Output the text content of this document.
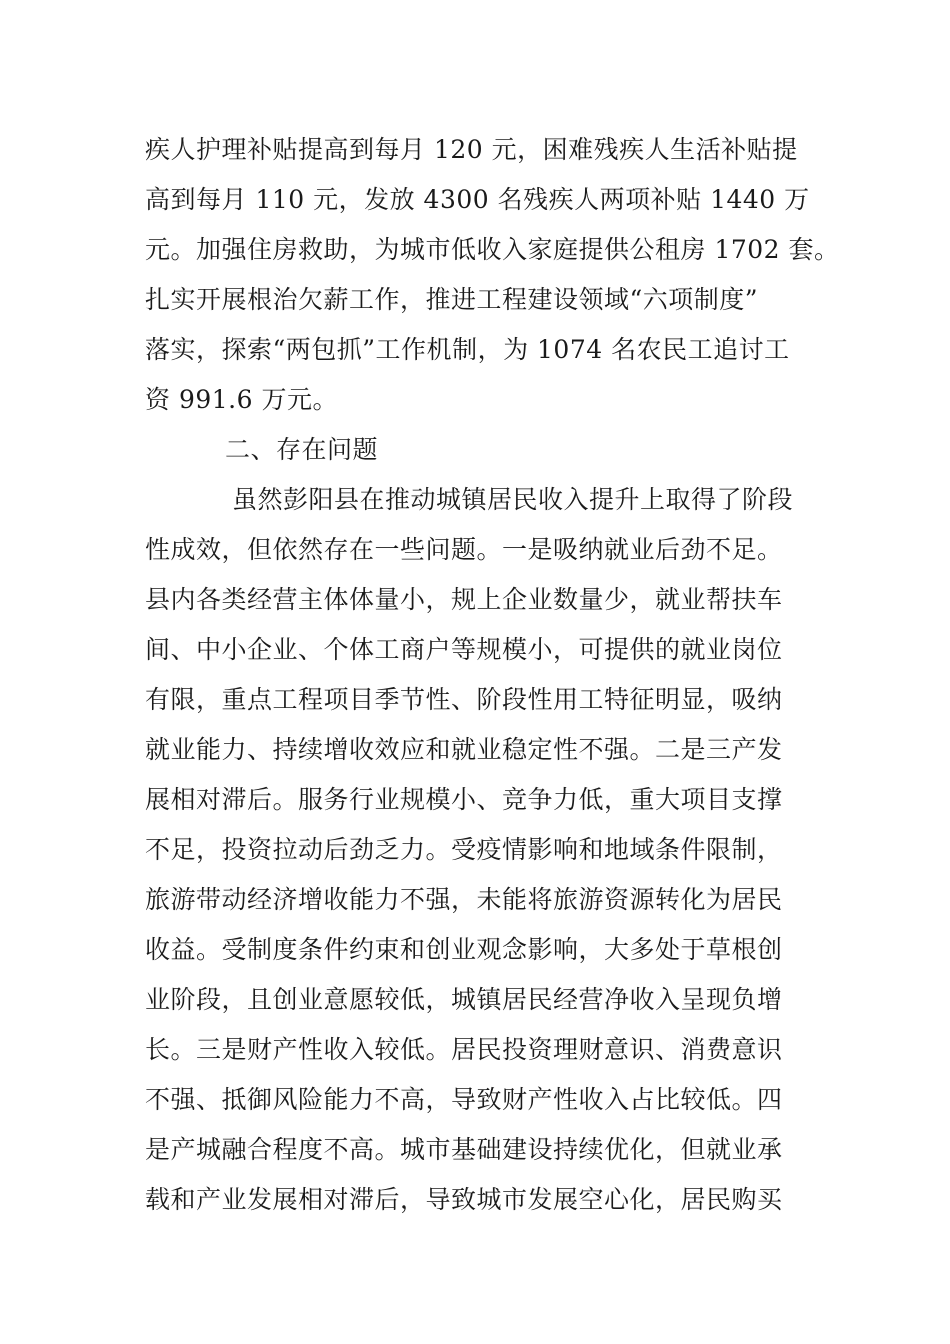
疾人护理补贴提高到每月 120 元，困难残疾人生活补贴提
高到每月 110 元，发放 4300 名残疾人两项补贴 1440 万
元。加强住房救助，为城市低收入家庭提供公租房 1702 套。
扎实开展根治欠薪工作，推进工程建设领域“六项制度”
落实，探索“两包抓”工作机制，为 1074 名农民工追讨工
资 991.6 万元。
二、存在问题
虽然彭阳县在推动城镇居民收入提升上取得了阶段
性成效，但依然存在一些问题。一是吸纳就业后劲不足。
县内各类经营主体体量小，规上企业数量少，就业帮扶车
间、中小企业、个体工商户等规模小，可提供的就业岗位
有限，重点工程项目季节性、阶段性用工特征明显，吸纳
就业能力、持续增收效应和就业稳定性不强。二是三产发
展相对滞后。服务行业规模小、竞争力低，重大项目支撑
不足，投资拉动后劲乏力。受疫情影响和地域条件限制，
旅游带动经济增收能力不强，未能将旅游资源转化为居民
收益。受制度条件约束和创业观念影响，大多处于草根创
业阶段，且创业意愿较低，城镇居民经营净收入呈现负增
长。三是财产性收入较低。居民投资理财意识、消费意识
不强、抵御风险能力不高，导致财产性收入占比较低。四
是产城融合程度不高。城市基础建设持续优化，但就业承
载和产业发展相对滞后，导致城市发展空心化，居民购买
